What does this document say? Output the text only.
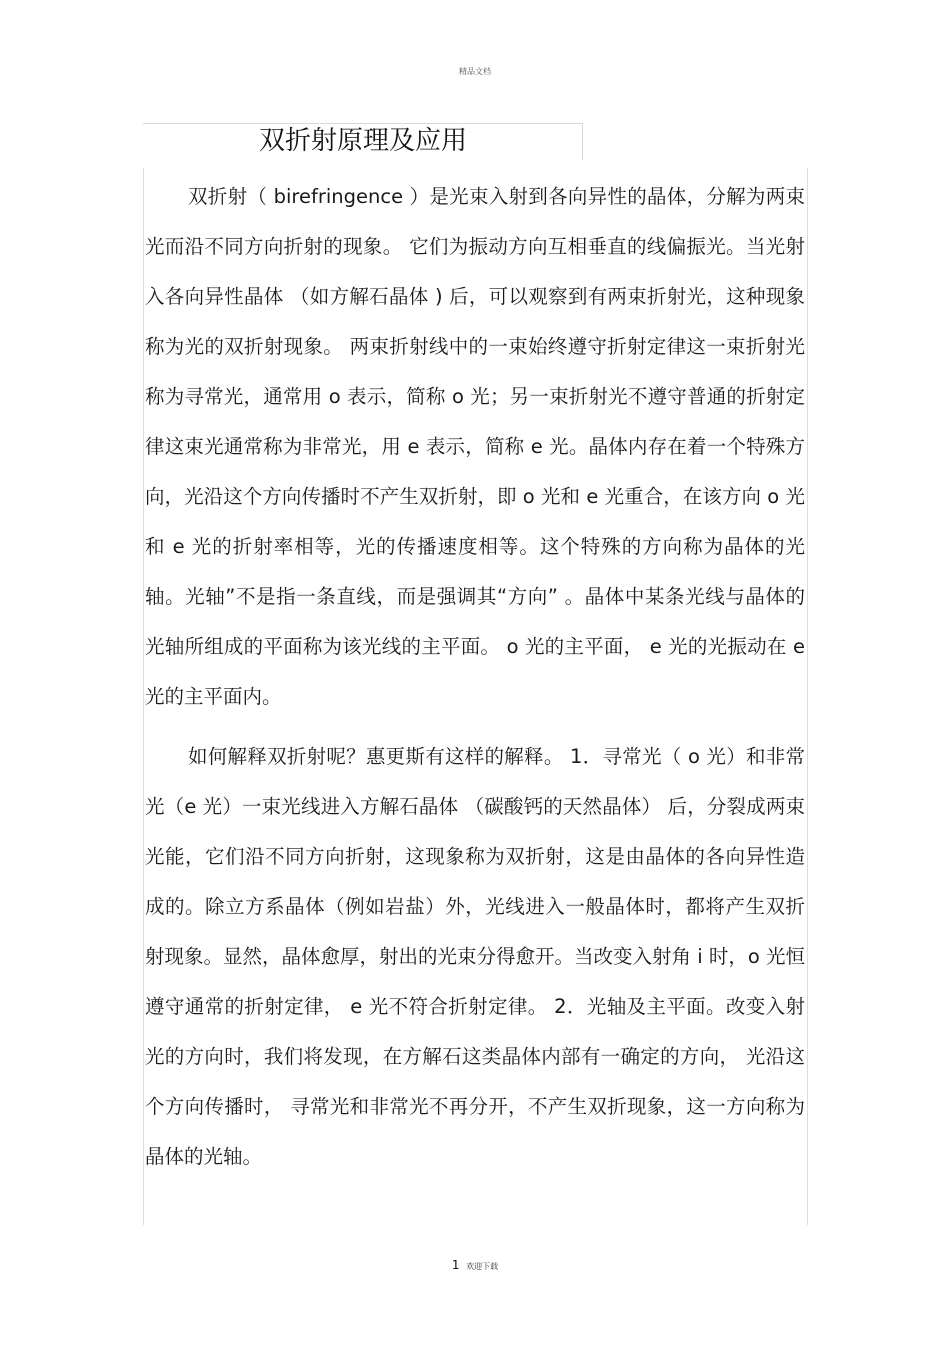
精品文档
双折射原理及应用

双折射（ birefringence ）是光束入射到各向异性的晶体，分解为两束光而沿不同方向折射的现象。 它们为振动方向互相垂直的线偏振光。当光射入各向异性晶体 （如方解石晶体 ) 后，可以观察到有两束折射光，这种现象称为光的双折射现象。 两束折射线中的一束始终遵守折射定律这一束折射光称为寻常光，通常用 o 表示，简称 o 光；另一束折射光不遵守普通的折射定律这束光通常称为非常光，用 e 表示，简称 e 光。晶体内存在着一个特殊方向，光沿这个方向传播时不产生双折射，即 o 光和 e 光重合，在该方向 o 光和 e 光的折射率相等，光的传播速度相等。这个特殊的方向称为晶体的光轴。光轴”不是指一条直线，而是强调其“方向” 。晶体中某条光线与晶体的光轴所组成的平面称为该光线的主平面。 o 光的主平面， e 光的光振动在 e 光的主平面内。

如何解释双折射呢？惠更斯有这样的解释。 1．寻常光（ o 光）和非常光（e 光）一束光线进入方解石晶体 （碳酸钙的天然晶体） 后，分裂成两束光能，它们沿不同方向折射，这现象称为双折射，这是由晶体的各向异性造成的。除立方系晶体（例如岩盐）外，光线进入一般晶体时，都将产生双折射现象。显然，晶体愈厚，射出的光束分得愈开。当改变入射角 i 时，o 光恒遵守通常的折射定律， e 光不符合折射定律。 2．光轴及主平面。改变入射光的方向时，我们将发现，在方解石这类晶体内部有一确定的方向， 光沿这个方向传播时， 寻常光和非常光不再分开，不产生双折现象，这一方向称为晶体的光轴。

1 欢迎下载
